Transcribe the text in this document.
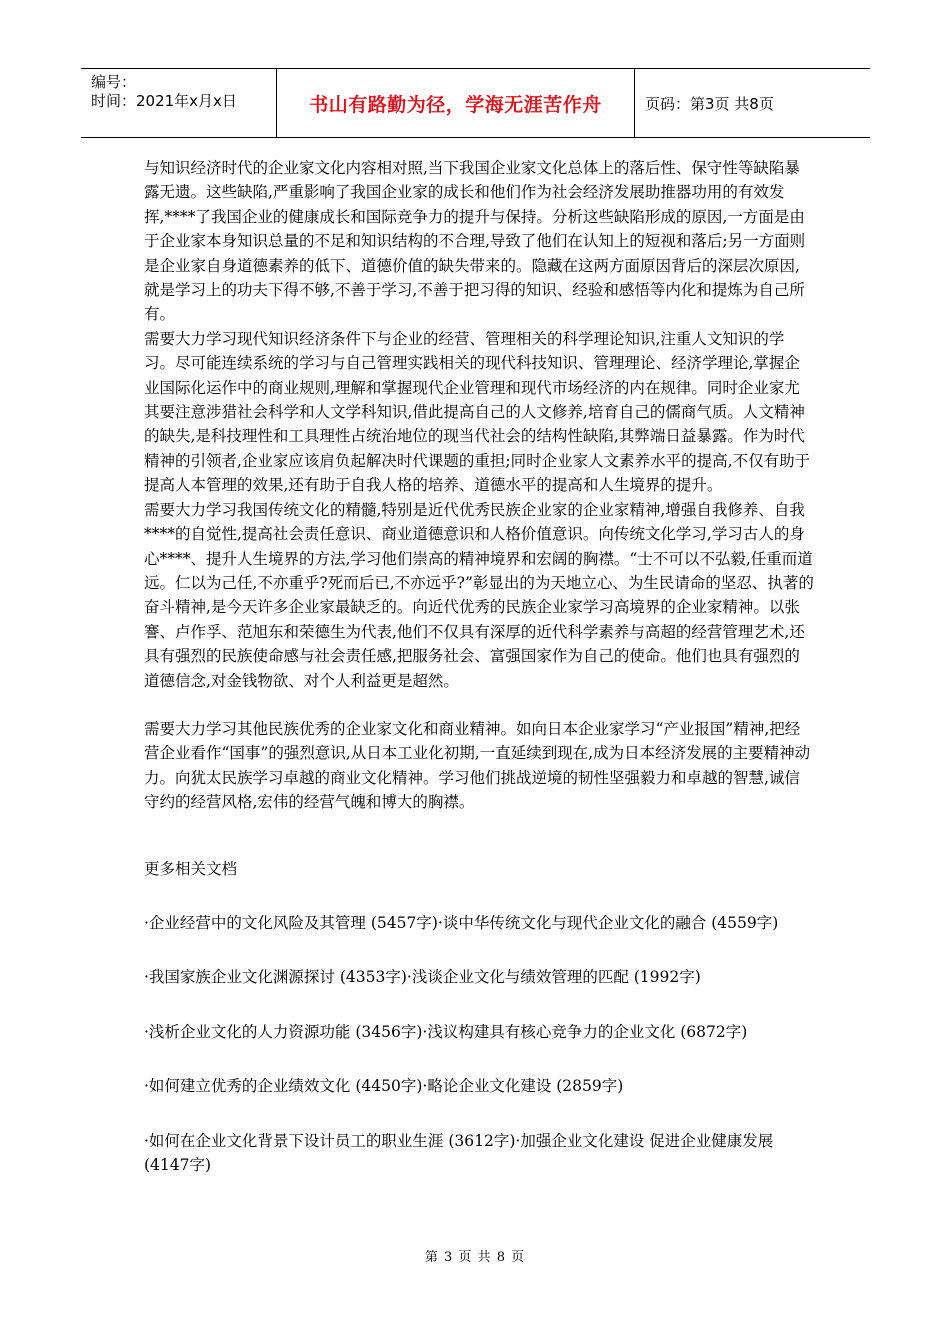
编号：
时间：2021年x月x日	书山有路勤为径，学海无涯苦作舟	页码：第3页 共8页

与知识经济时代的企业家文化内容相对照,当下我国企业家文化总体上的落后性、保守性等缺陷暴露无遗。这些缺陷,严重影响了我国企业家的成长和他们作为社会经济发展助推器功用的有效发挥,****了我国企业的健康成长和国际竞争力的提升与保持。分析这些缺陷形成的原因,一方面是由于企业家本身知识总量的不足和知识结构的不合理,导致了他们在认知上的短视和落后;另一方面则是企业家自身道德素养的低下、道德价值的缺失带来的。隐藏在这两方面原因背后的深层次原因,就是学习上的功夫下得不够,不善于学习,不善于把习得的知识、经验和感悟等内化和提炼为自己所有。

需要大力学习现代知识经济条件下与企业的经营、管理相关的科学理论知识,注重人文知识的学习。尽可能连续系统的学习与自己管理实践相关的现代科技知识、管理理论、经济学理论,掌握企业国际化运作中的商业规则,理解和掌握现代企业管理和现代市场经济的内在规律。同时企业家尤其要注意涉猎社会科学和人文学科知识,借此提高自己的人文修养,培育自己的儒商气质。人文精神的缺失,是科技理性和工具理性占统治地位的现当代社会的结构性缺陷,其弊端日益暴露。作为时代精神的引领者,企业家应该肩负起解决时代课题的重担;同时企业家人文素养水平的提高,不仅有助于提高人本管理的效果,还有助于自我人格的培养、道德水平的提高和人生境界的提升。

需要大力学习我国传统文化的精髓,特别是近代优秀民族企业家的企业家精神,增强自我修养、自我****的自觉性,提高社会责任意识、商业道德意识和人格价值意识。向传统文化学习,学习古人的身心****、提升人生境界的方法,学习他们崇高的精神境界和宏阔的胸襟。“士不可以不弘毅,任重而道远。仁以为己任,不亦重乎?死而后已,不亦远乎?”彰显出的为天地立心、为生民请命的坚忍、执著的奋斗精神,是今天许多企业家最缺乏的。向近代优秀的民族企业家学习高境界的企业家精神。以张謇、卢作孚、范旭东和荣德生为代表,他们不仅具有深厚的近代科学素养与高超的经营管理艺术,还具有强烈的民族使命感与社会责任感,把服务社会、富强国家作为自己的使命。他们也具有强烈的道德信念,对金钱物欲、对个人利益更是超然。

需要大力学习其他民族优秀的企业家文化和商业精神。如向日本企业家学习“产业报国”精神,把经营企业看作“国事”的强烈意识,从日本工业化初期,一直延续到现在,成为日本经济发展的主要精神动力。向犹太民族学习卓越的商业文化精神。学习他们挑战逆境的韧性坚强毅力和卓越的智慧,诚信守约的经营风格,宏伟的经营气魄和博大的胸襟。

更多相关文档

·企业经营中的文化风险及其管理 (5457字)·谈中华传统文化与现代企业文化的融合 (4559字)

·我国家族企业文化渊源探讨 (4353字)·浅谈企业文化与绩效管理的匹配 (1992字)

·浅析企业文化的人力资源功能 (3456字)·浅议构建具有核心竞争力的企业文化 (6872字)

·如何建立优秀的企业绩效文化 (4450字)·略论企业文化建设 (2859字)

·如何在企业文化背景下设计员工的职业生涯 (3612字)·加强企业文化建设 促进企业健康发展 (4147字)

第 3 页 共 8 页
